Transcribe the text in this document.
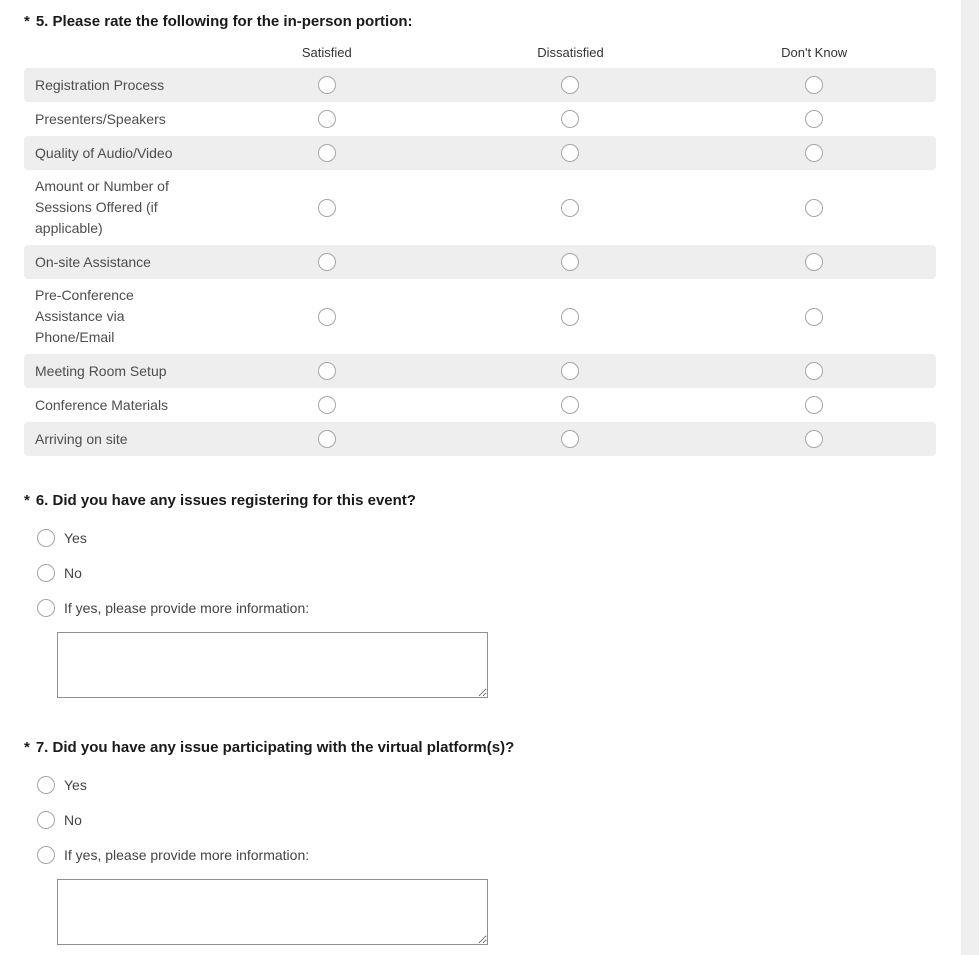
* 5. Please rate the following for the in-person portion:
Satisfied	Dissatisfied	Don't Know
Registration Process
Presenters/Speakers
Quality of Audio/Video
Amount or Number of Sessions Offered (if applicable)
On-site Assistance
Pre-Conference Assistance via Phone/Email
Meeting Room Setup
Conference Materials
Arriving on site
* 6. Did you have any issues registering for this event?
Yes
No
If yes, please provide more information:
* 7. Did you have any issue participating with the virtual platform(s)?
Yes
No
If yes, please provide more information:
